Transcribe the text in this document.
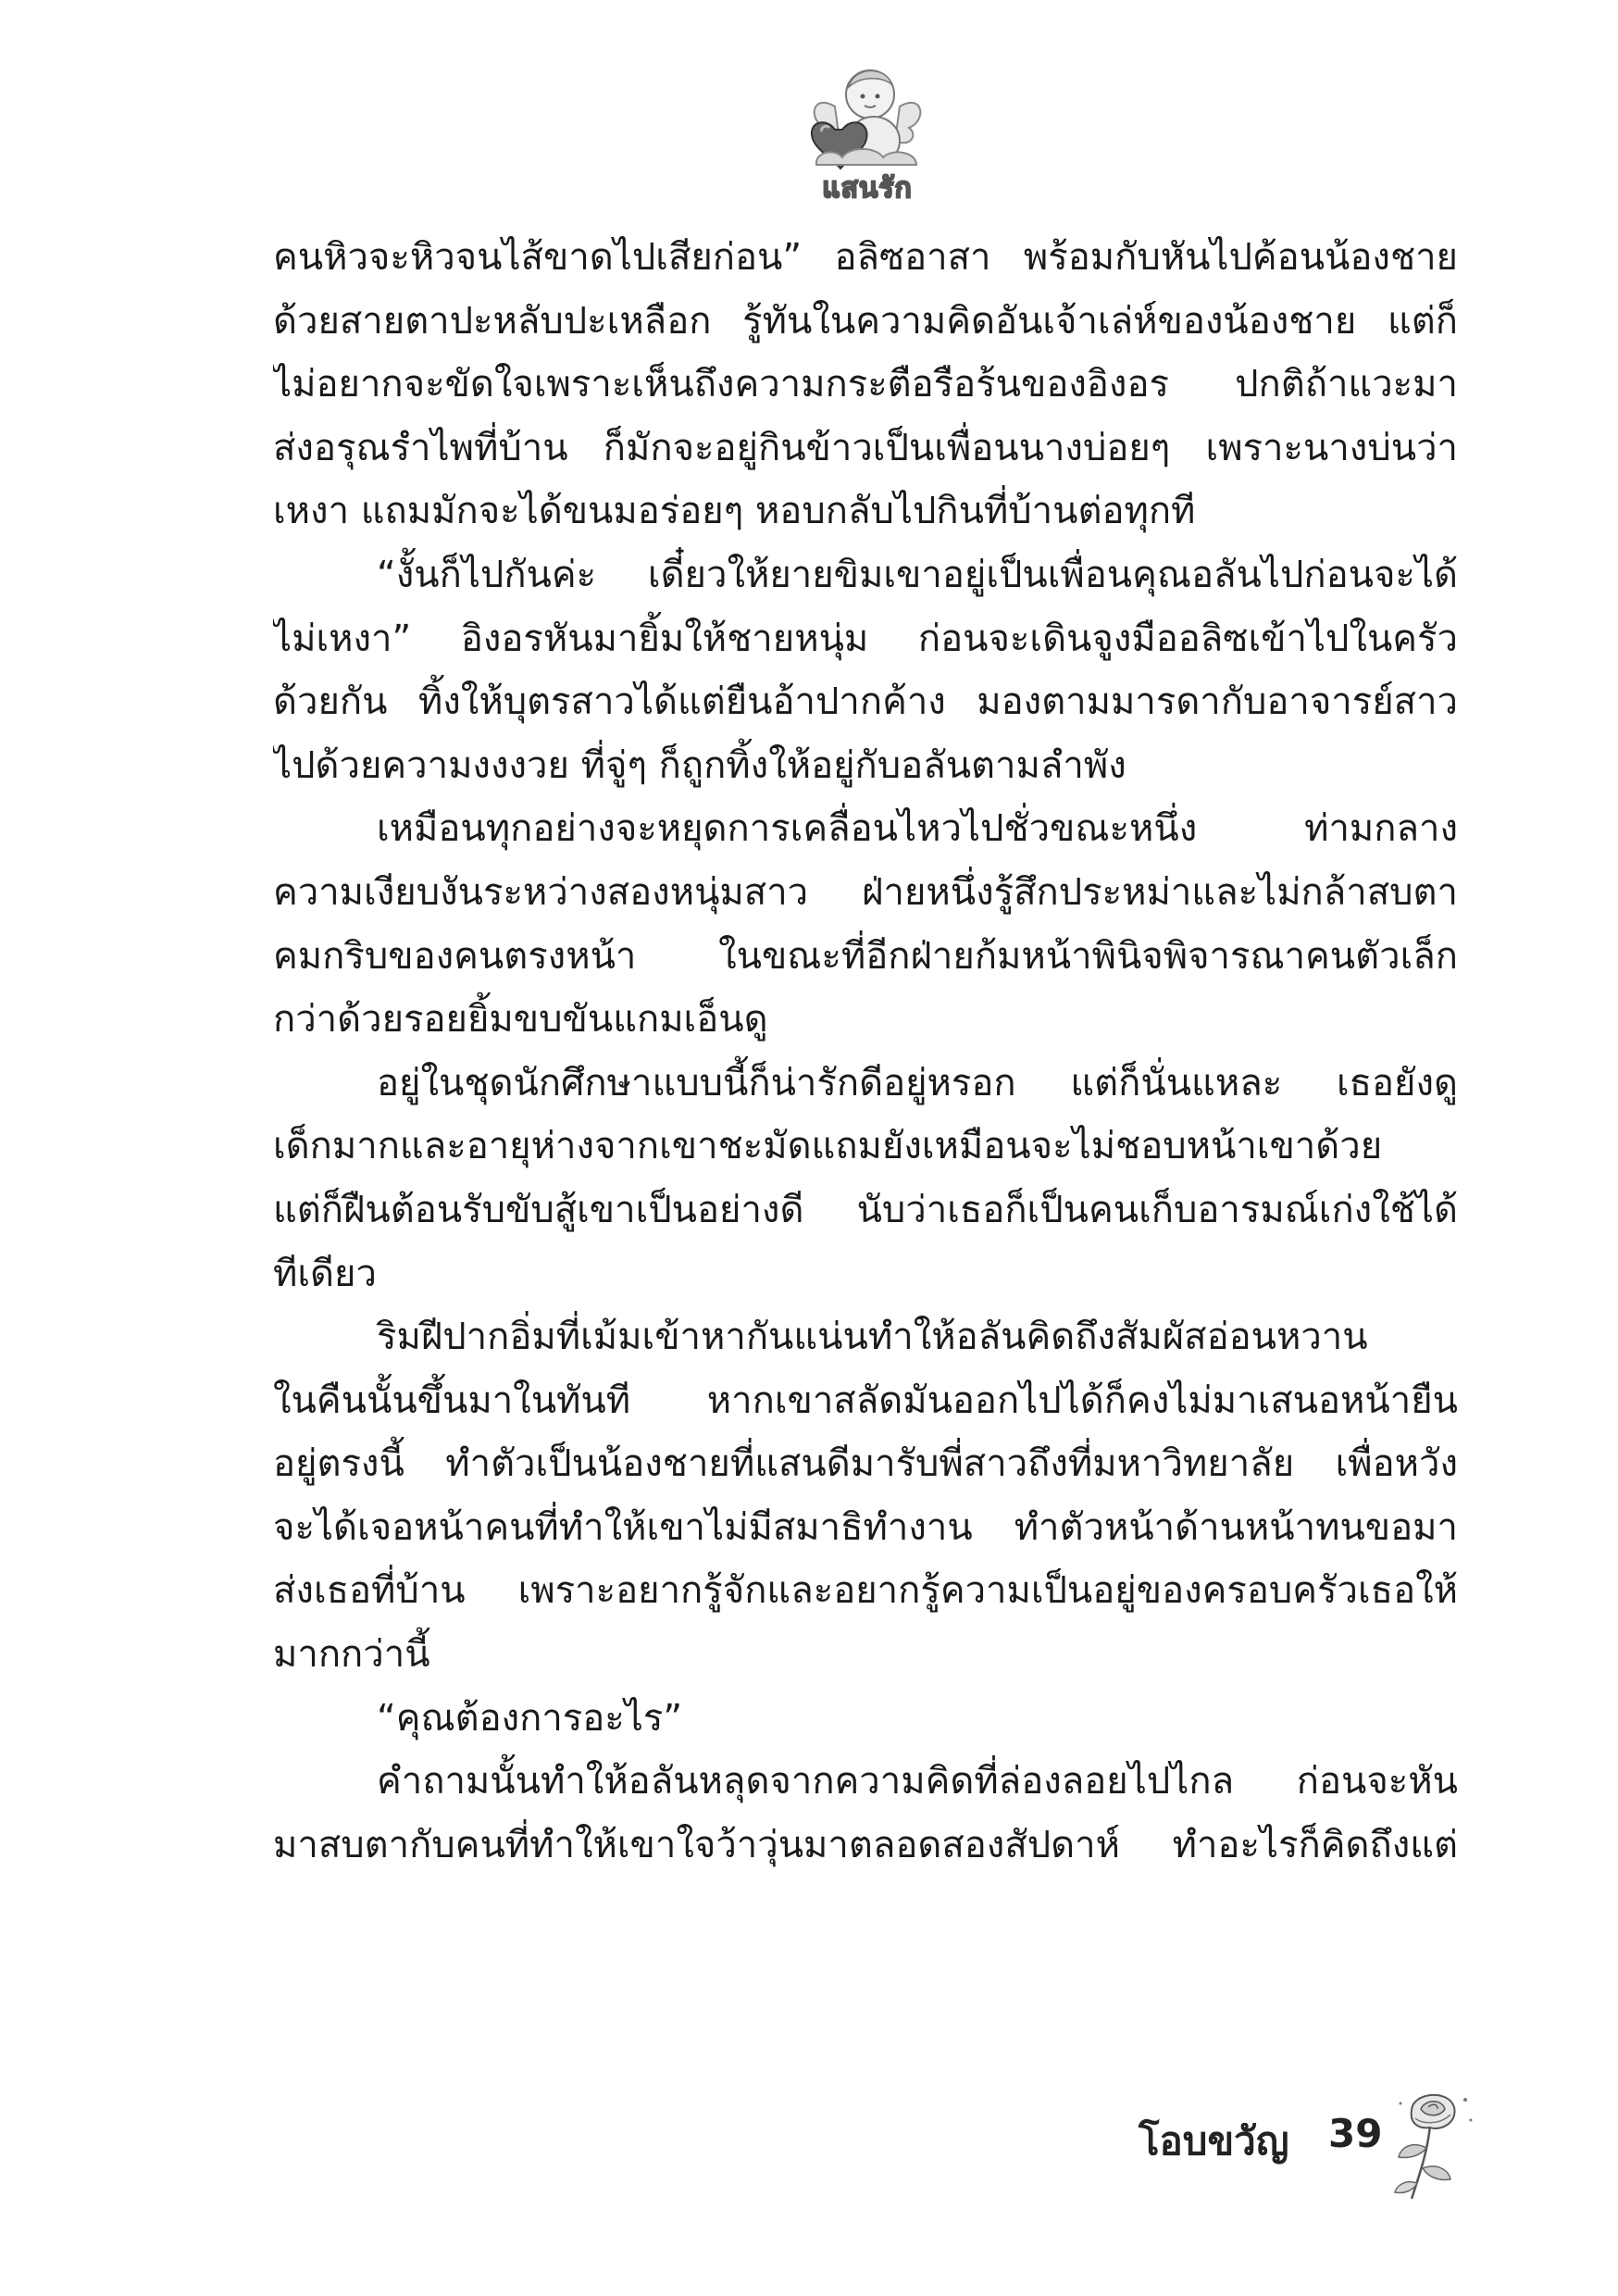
แสนรัก
คนหิวจะหิวจนไส้ขาดไปเสียก่อน” อลิซอาสา พร้อมกับหันไปค้อนน้องชาย
ด้วยสายตาปะหลับปะเหลือก รู้ทันในความคิดอันเจ้าเล่ห์ของน้องชาย แต่ก็
ไม่อยากจะขัดใจเพราะเห็นถึงความกระตือรือร้นของอิงอร ปกติถ้าแวะมา
ส่งอรุณรำไพที่บ้าน ก็มักจะอยู่กินข้าวเป็นเพื่อนนางบ่อยๆ เพราะนางบ่นว่า
เหงา แถมมักจะได้ขนมอร่อยๆ หอบกลับไปกินที่บ้านต่อทุกที
“งั้นก็ไปกันค่ะ เดี๋ยวให้ยายขิมเขาอยู่เป็นเพื่อนคุณอลันไปก่อนจะได้
ไม่เหงา” อิงอรหันมายิ้มให้ชายหนุ่ม ก่อนจะเดินจูงมืออลิซเข้าไปในครัว
ด้วยกัน ทิ้งให้บุตรสาวได้แต่ยืนอ้าปากค้าง มองตามมารดากับอาจารย์สาว
ไปด้วยความงงงวย ที่จู่ๆ ก็ถูกทิ้งให้อยู่กับอลันตามลำพัง
เหมือนทุกอย่างจะหยุดการเคลื่อนไหวไปชั่วขณะหนึ่ง ท่ามกลาง
ความเงียบงันระหว่างสองหนุ่มสาว ฝ่ายหนึ่งรู้สึกประหม่าและไม่กล้าสบตา
คมกริบของคนตรงหน้า ในขณะที่อีกฝ่ายก้มหน้าพินิจพิจารณาคนตัวเล็ก
กว่าด้วยรอยยิ้มขบขันแกมเอ็นดู
อยู่ในชุดนักศึกษาแบบนี้ก็น่ารักดีอยู่หรอก แต่ก็นั่นแหละ เธอยังดู
เด็กมากและอายุห่างจากเขาชะมัดแถมยังเหมือนจะไม่ชอบหน้าเขาด้วย
แต่ก็ฝืนต้อนรับขับสู้เขาเป็นอย่างดี นับว่าเธอก็เป็นคนเก็บอารมณ์เก่งใช้ได้
ทีเดียว
ริมฝีปากอิ่มที่เม้มเข้าหากันแน่นทำให้อลันคิดถึงสัมผัสอ่อนหวาน
ในคืนนั้นขึ้นมาในทันที หากเขาสลัดมันออกไปได้ก็คงไม่มาเสนอหน้ายืน
อยู่ตรงนี้ ทำตัวเป็นน้องชายที่แสนดีมารับพี่สาวถึงที่มหาวิทยาลัย เพื่อหวัง
จะได้เจอหน้าคนที่ทำให้เขาไม่มีสมาธิทำงาน ทำตัวหน้าด้านหน้าทนขอมา
ส่งเธอที่บ้าน เพราะอยากรู้จักและอยากรู้ความเป็นอยู่ของครอบครัวเธอให้
มากกว่านี้
“คุณต้องการอะไร”
คำถามนั้นทำให้อลันหลุดจากความคิดที่ล่องลอยไปไกล ก่อนจะหัน
มาสบตากับคนที่ทำให้เขาใจว้าวุ่นมาตลอดสองสัปดาห์ ทำอะไรก็คิดถึงแต่
โอบขวัญ 39
